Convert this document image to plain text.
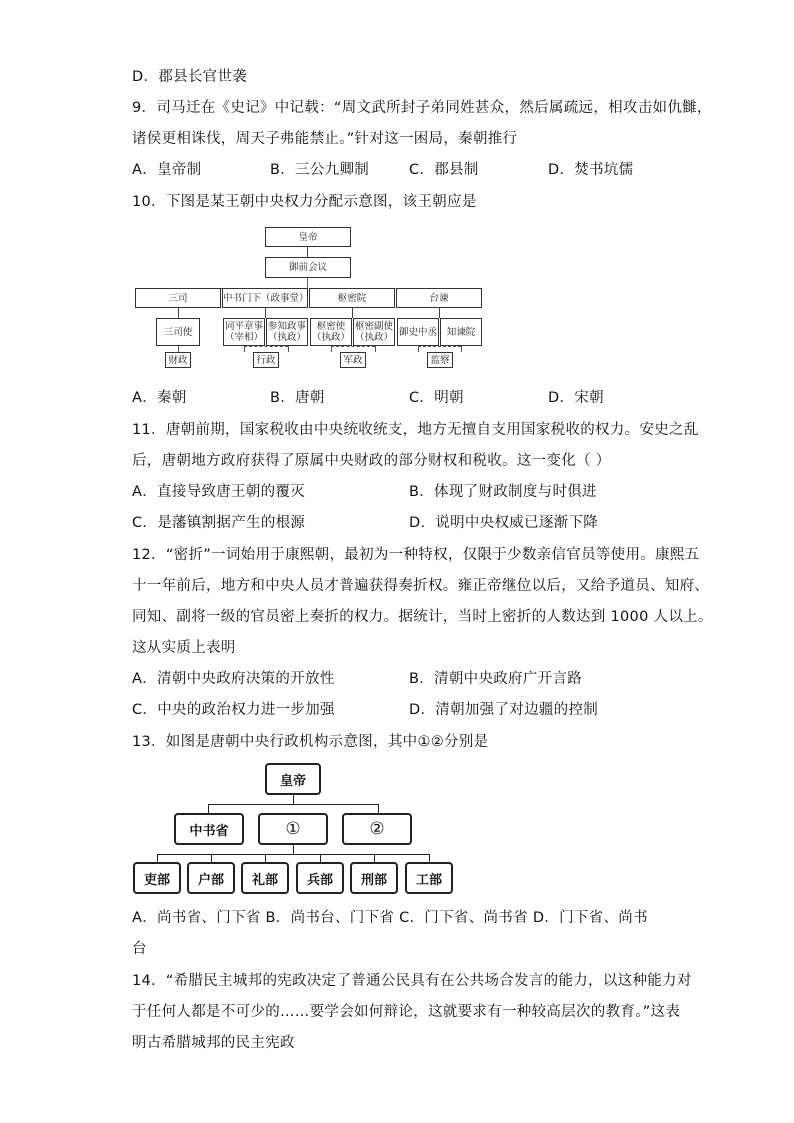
D．郡县长官世袭
9．司马迁在《史记》中记载：“周文武所封子弟同姓甚众，然后属疏远，相攻击如仇雠，
诸侯更相诛伐，周天子弗能禁止。”针对这一困局，秦朝推行
A．皇帝制	B．三公九卿制	C．郡县制	D．焚书坑儒
10．下图是某王朝中央权力分配示意图，该王朝应是
皇帝
御前会议
三司	中书门下（政事堂）	枢密院	台谏
三司使	同平章事
（宰相）
参知政事
（执政）
枢密使
（执政）
枢密副使
（执政） 御史中丞	知谏院
财政	行政	军政	监察
A．秦朝	B．唐朝	C．明朝	D．宋朝
11．唐朝前期，国家税收由中央统收统支，地方无擅自支用国家税收的权力。安史之乱
后，唐朝地方政府获得了原属中央财政的部分财权和税收。这一变化（ ）
A．直接导致唐王朝的覆灭	B．体现了财政制度与时俱进
C．是藩镇割据产生的根源	D．说明中央权威已逐渐下降
12．“密折”一词始用于康熙朝，最初为一种特权，仅限于少数亲信官员等使用。康熙五
十一年前后，地方和中央人员才普遍获得奏折权。雍正帝继位以后，又给予道员、知府、
同知、副将一级的官员密上奏折的权力。据统计，当时上密折的人数达到 1000 人以上。
这从实质上表明
A．清朝中央政府决策的开放性	B．清朝中央政府广开言路
C．中央的政治权力进一步加强	D．清朝加强了对边疆的控制
13．如图是唐朝中央行政机构示意图，其中①②分别是
皇帝
中书省	①	②
吏部	户部	礼部	兵部	刑部	工部
A．尚书省、门下省 B．尚书台、门下省 C．门下省、尚书省 D．门下省、尚书
台
14．“希腊民主城邦的宪政决定了普通公民具有在公共场合发言的能力，以这种能力对
于任何人都是不可少的……要学会如何辩论，这就要求有一种较高层次的教育。”这表
明古希腊城邦的民主宪政
